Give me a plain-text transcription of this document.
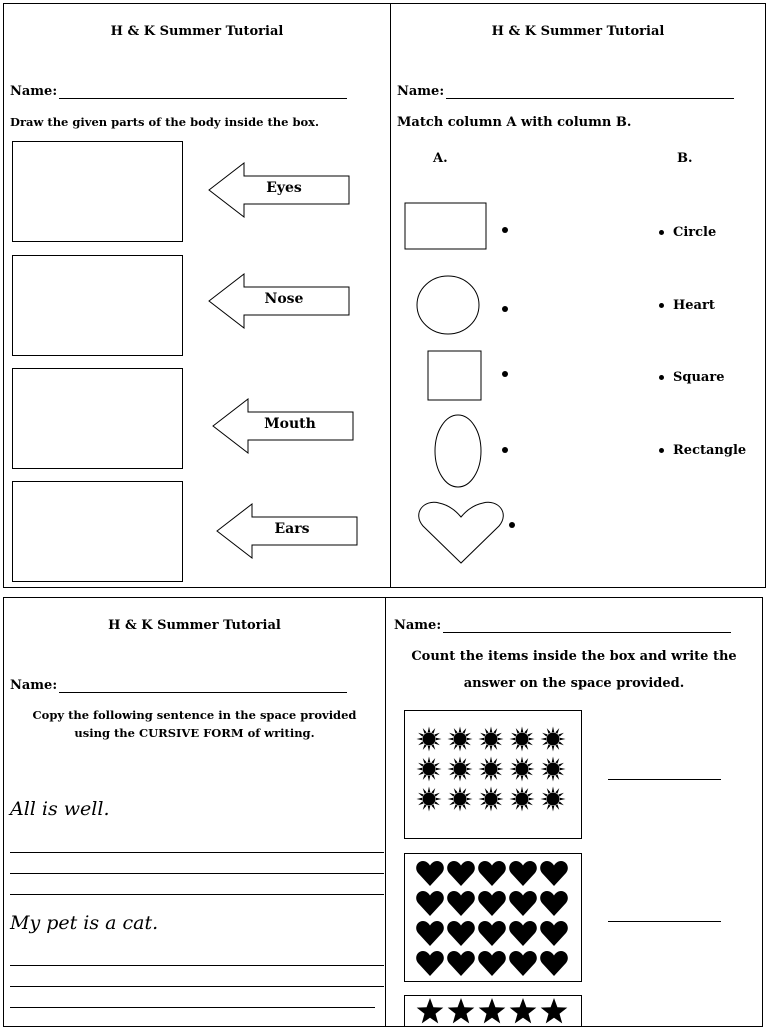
H & K Summer Tutorial
Name:
Draw the given parts of the body inside the box.
Eyes
Nose
Mouth
Ears
H & K Summer Tutorial
Name:
Match column A with column B.
A.	B.
Circle
Heart
Square
Rectangle
H & K Summer Tutorial
Name:
Copy the following sentence in the space provided
using the CURSIVE FORM of writing.
All is well.
My pet is a cat.
Name:
Count the items inside the box and write the
answer on the space provided.
